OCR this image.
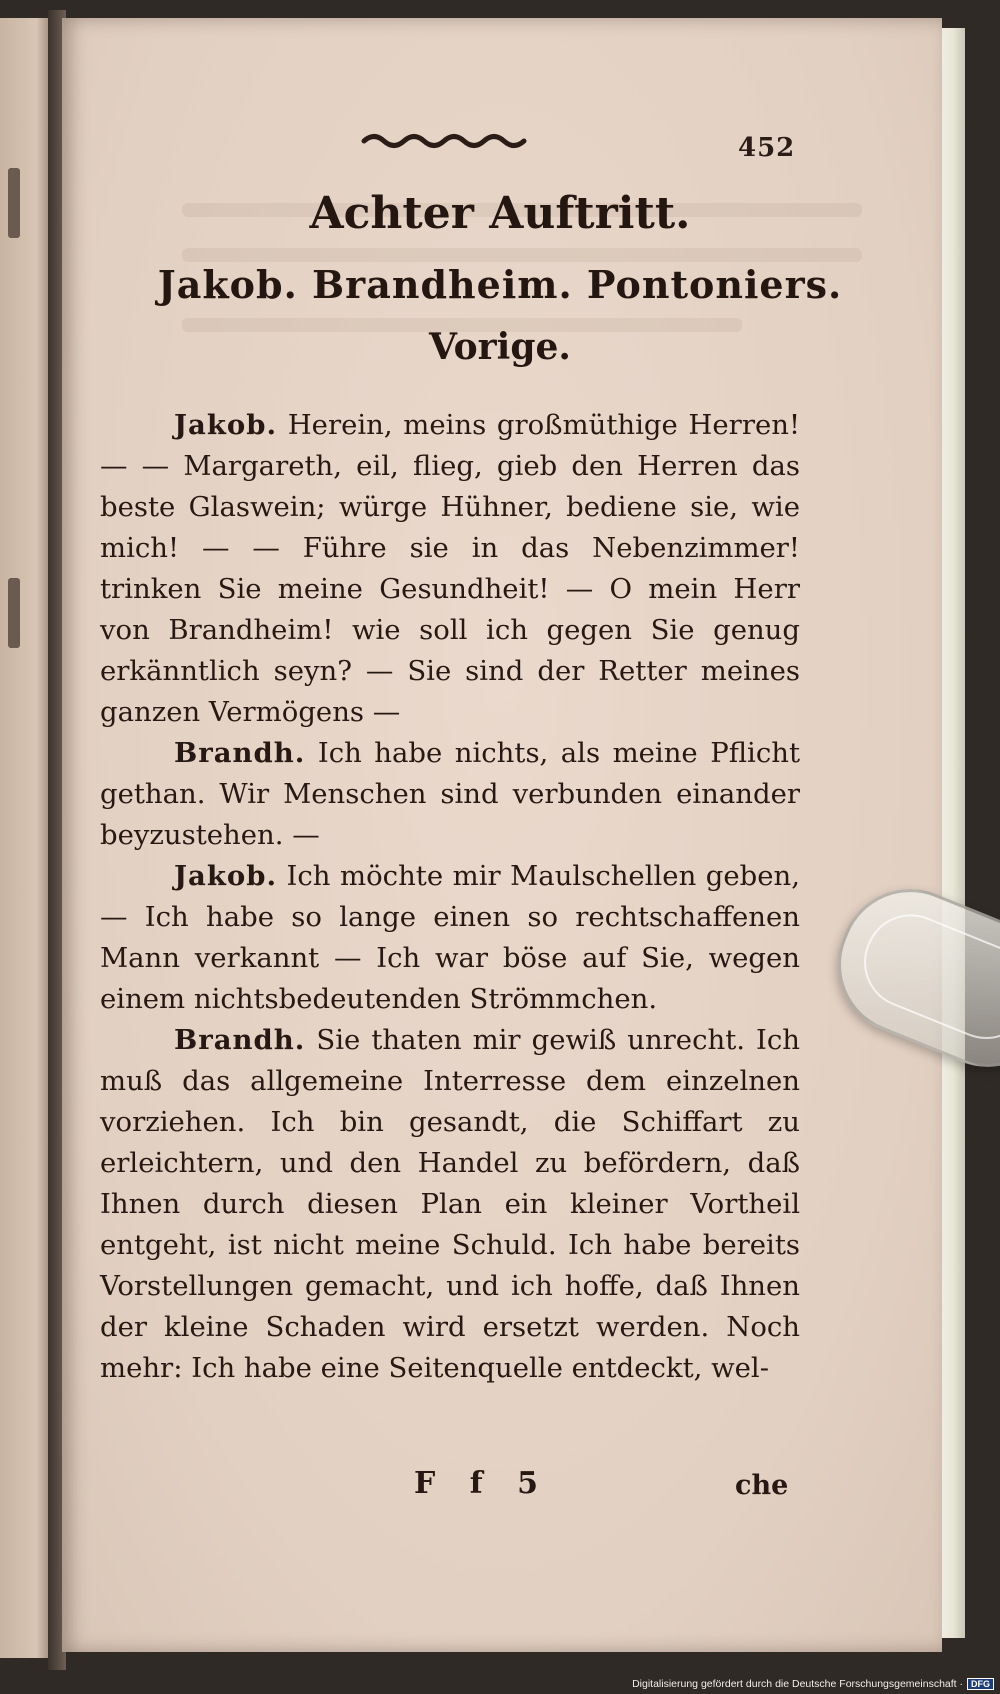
452
Achter Auftritt.
Jakob. Brandheim. Pontoniers.
Vorige.

Jakob. Herein, meins großmüthige Herren! — — Margareth, eil, flieg, gieb den Herren das beste Glaswein; würge Hühner, bediene sie, wie mich! — — Führe sie in das Nebenzimmer! trinken Sie meine Gesundheit! — O mein Herr von Brandheim! wie soll ich gegen Sie genug erkänntlich seyn? — Sie sind der Retter meines ganzen Vermögens —

Brandh. Ich habe nichts, als meine Pflicht gethan. Wir Menschen sind verbunden einander beyzustehen. —

Jakob. Ich möchte mir Maulschellen geben, — Ich habe so lange einen so rechtschaffenen Mann verkannt — Ich war böse auf Sie, wegen einem nichtsbedeutenden Strömmchen.

Brandh. Sie thaten mir gewiß unrecht. Ich muß das allgemeine Interresse dem einzelnen vorziehen. Ich bin gesandt, die Schiffart zu erleichtern, und den Handel zu befördern, daß Ihnen durch diesen Plan ein kleiner Vortheil entgeht, ist nicht meine Schuld. Ich habe bereits Vorstellungen gemacht, und ich hoffe, daß Ihnen der kleine Schaden wird ersetzt werden. Noch mehr: Ich habe eine Seitenquelle entdeckt, wel-

F f 5	che
Digitalisierung gefördert durch die Deutsche Forschungsgemeinschaft · DFG
